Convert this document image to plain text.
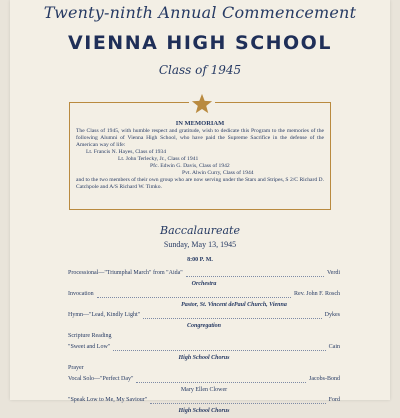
Twenty-ninth Annual Commencement
VIENNA HIGH SCHOOL
Class of 1945
IN MEMORIAM
The Class of 1945, with humble respect and gratitude, wish to dedicate this Program to the memories of the following Alumni of Vienna High School, who have paid the Supreme Sacrifice in the defense of the American way of life:
Lt. Francis N. Hayes, Class of 1934
Lt. John Terlecky, Jr., Class of 1941
Pfc. Edwin G. Davis, Class of 1942
Pvt. Alwin Curry, Class of 1944
and to the two members of their own group who are now serving under the Stars and Stripes, S 2/C Richard D. Catchpole and A/S Richard W. Timko.
Baccalaureate
Sunday, May 13, 1945
8:00 P. M.
Processional—"Triumphal March" from "Aida"	Verdi
Orchestra
Invocation	Rev. John F. Rosch
Pastor, St. Vincent dePaul Church, Vienna
Hymn—"Lead, Kindly Light"	Dykes
Congregation
Scripture Reading
"Sweet and Low"	Cain
High School Chorus
Prayer
Vocal Solo—"Perfect Day"	Jacobs-Bond
Mary Ellen Clower
"Speak Low to Me, My Saviour"	Ford
High School Chorus
